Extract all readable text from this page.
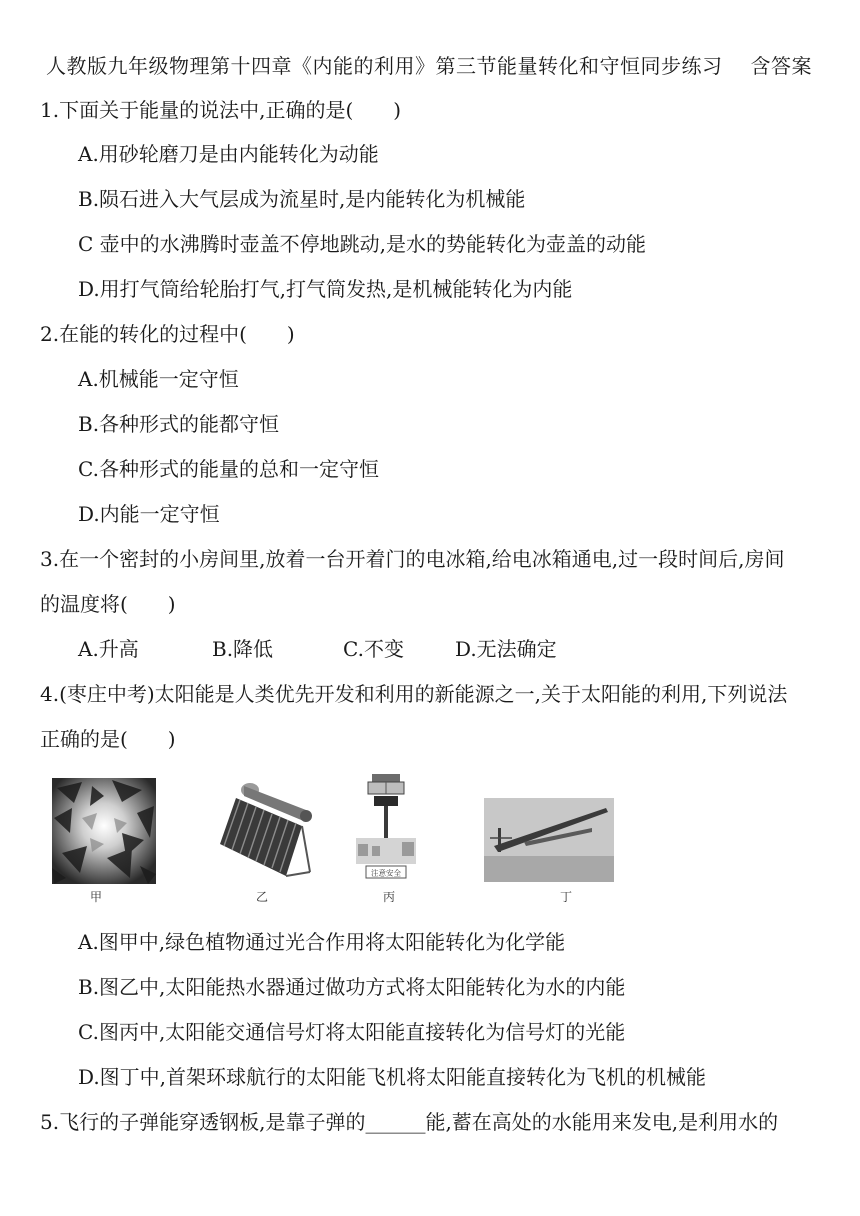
人教版九年级物理第十四章《内能的利用》第三节能量转化和守恒同步练习 含答案
1.下面关于能量的说法中,正确的是(　　)
A.用砂轮磨刀是由内能转化为动能
B.陨石进入大气层成为流星时,是内能转化为机械能
C 壶中的水沸腾时壶盖不停地跳动,是水的势能转化为壶盖的动能
D.用打气筒给轮胎打气,打气筒发热,是机械能转化为内能
2.在能的转化的过程中(　　)
A.机械能一定守恒
B.各种形式的能都守恒
C.各种形式的能量的总和一定守恒
D.内能一定守恒
3.在一个密封的小房间里,放着一台开着门的电冰箱,给电冰箱通电,过一段时间后,房间
的温度将(　　)
A.升高	B.降低	C.不变	D.无法确定
4.(枣庄中考)太阳能是人类优先开发和利用的新能源之一,关于太阳能的利用,下列说法
正确的是(　　)
注意安全
甲	乙	丙	丁
A.图甲中,绿色植物通过光合作用将太阳能转化为化学能
B.图乙中,太阳能热水器通过做功方式将太阳能转化为水的内能
C.图丙中,太阳能交通信号灯将太阳能直接转化为信号灯的光能
D.图丁中,首架环球航行的太阳能飞机将太阳能直接转化为飞机的机械能
5.飞行的子弹能穿透钢板,是靠子弹的______能,蓄在高处的水能用来发电,是利用水的
